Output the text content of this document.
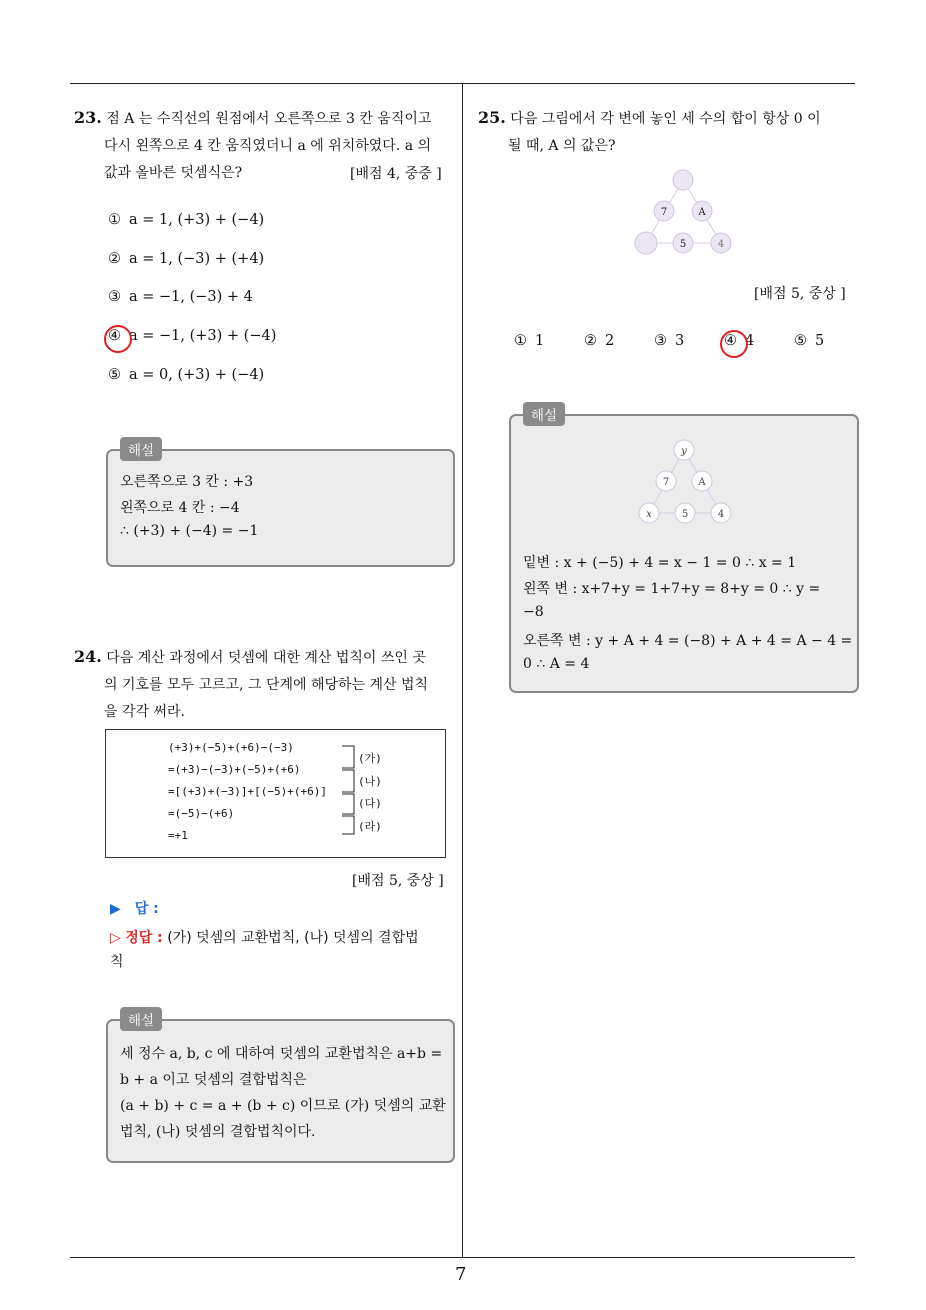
7
23. 점 A 는 수직선의 원점에서 오른쪽으로 3 칸 움직이고
다시 왼쪽으로 4 칸 움직였더니 a 에 위치하였다. a 의
값과 올바른 덧셈식은?	[배점 4, 중중 ]
① a = 1, (+3) + (−4)
② a = 1, (−3) + (+4)
③ a = −1, (−3) + 4
④ a = −1, (+3) + (−4)
⑤ a = 0, (+3) + (−4)
오른쪽으로 3 칸 : +3
왼쪽으로 4 칸 : −4
∴ (+3) + (−4) = −1
해설
24. 다음 계산 과정에서 덧셈에 대한 계산 법칙이 쓰인 곳
의 기호를 모두 고르고, 그 단계에 해당하는 계산 법칙
을 각각 써라.
(+3)+(−5)+(+6)−(−3)
=(+3)−(−3)+(−5)+(+6)
=[(+3)+(−3)]+[(−5)+(+6)]
=(−5)−(+6)
=+1
(가)
(나)
(다)
(라)
[배점 5, 중상 ]
▶ 답 :
▷ 정답 : (가) 덧셈의 교환법칙, (나) 덧셈의 결합법
칙
세 정수 a, b, c 에 대하여 덧셈의 교환법칙은 a+b =
b + a 이고 덧셈의 결합법칙은
(a + b) + c = a + (b + c) 이므로 (가) 덧셈의 교환
법칙, (나) 덧셈의 결합법칙이다.
해설
25. 다음 그림에서 각 변에 놓인 세 수의 합이 항상 0 이
될 때, A 의 값은?
7	A
5	4
[배점 5, 중상 ]
① 1	② 2	③ 3	④ 4	⑤ 5
y
7	A
x	5	4
밑변 : x + (−5) + 4 = x − 1 = 0 ∴ x = 1
왼쪽 변 : x+7+y = 1+7+y = 8+y = 0 ∴ y =
−8
오른쪽 변 : y + A + 4 = (−8) + A + 4 = A − 4 =
0 ∴ A = 4
해설
